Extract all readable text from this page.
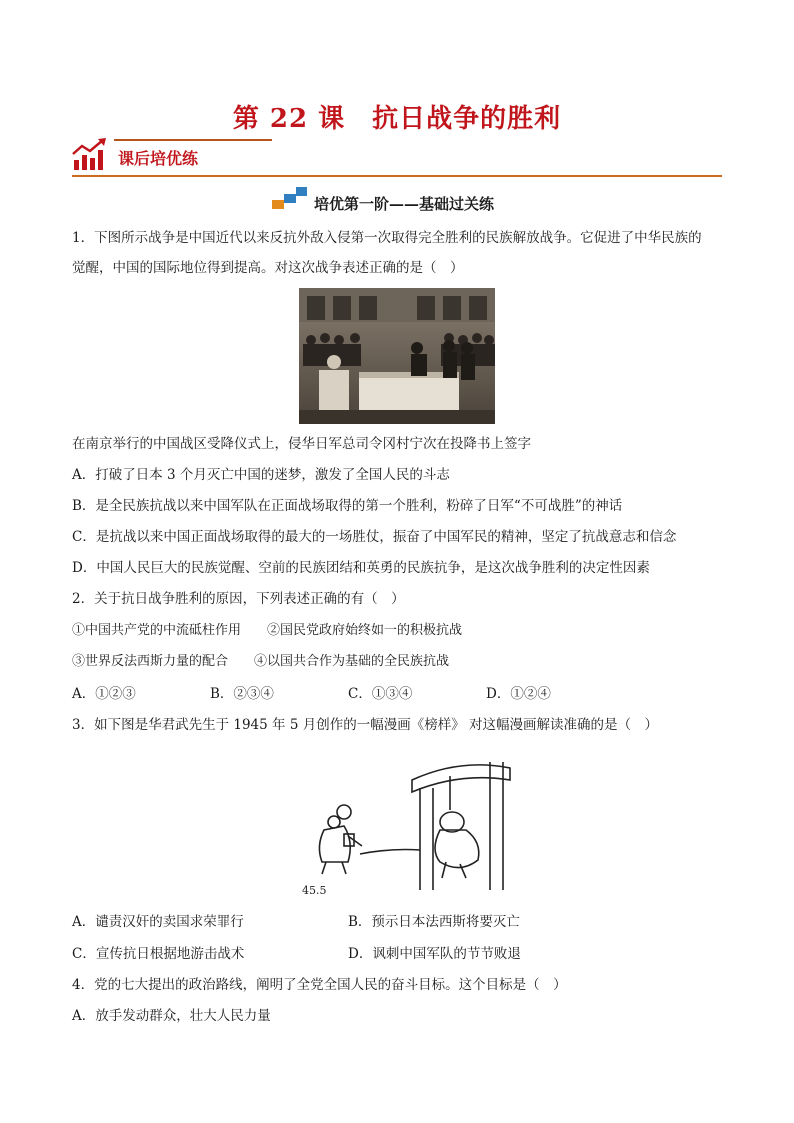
第 22 课　抗日战争的胜利
课后培优练
培优第一阶——基础过关练
1．下图所示战争是中国近代以来反抗外敌入侵第一次取得完全胜利的民族解放战争。它促进了中华民族的
觉醒，中国的国际地位得到提高。对这次战争表述正确的是（　）
在南京举行的中国战区受降仪式上，侵华日军总司令冈村宁次在投降书上签字
A．打破了日本 3 个月灭亡中国的迷梦，激发了全国人民的斗志
B．是全民族抗战以来中国军队在正面战场取得的第一个胜利，粉碎了日军“不可战胜”的神话
C．是抗战以来中国正面战场取得的最大的一场胜仗，振奋了中国军民的精神，坚定了抗战意志和信念
D．中国人民巨大的民族觉醒、空前的民族团结和英勇的民族抗争，是这次战争胜利的决定性因素
2．关于抗日战争胜利的原因，下列表述正确的有（　）
①中国共产党的中流砥柱作用　　②国民党政府始终如一的积极抗战
③世界反法西斯力量的配合　　④以国共合作为基础的全民族抗战
A．①②③	B．②③④	C．①③④	D．①②④
3．如下图是华君武先生于 1945 年 5 月创作的一幅漫画《榜样》 对这幅漫画解读准确的是（　）
45.5
A．谴责汉奸的卖国求荣罪行	B．预示日本法西斯将要灭亡
C．宣传抗日根据地游击战术	D．讽刺中国军队的节节败退
4．党的七大提出的政治路线，阐明了全党全国人民的奋斗目标。这个目标是（　）
A．放手发动群众，壮大人民力量
